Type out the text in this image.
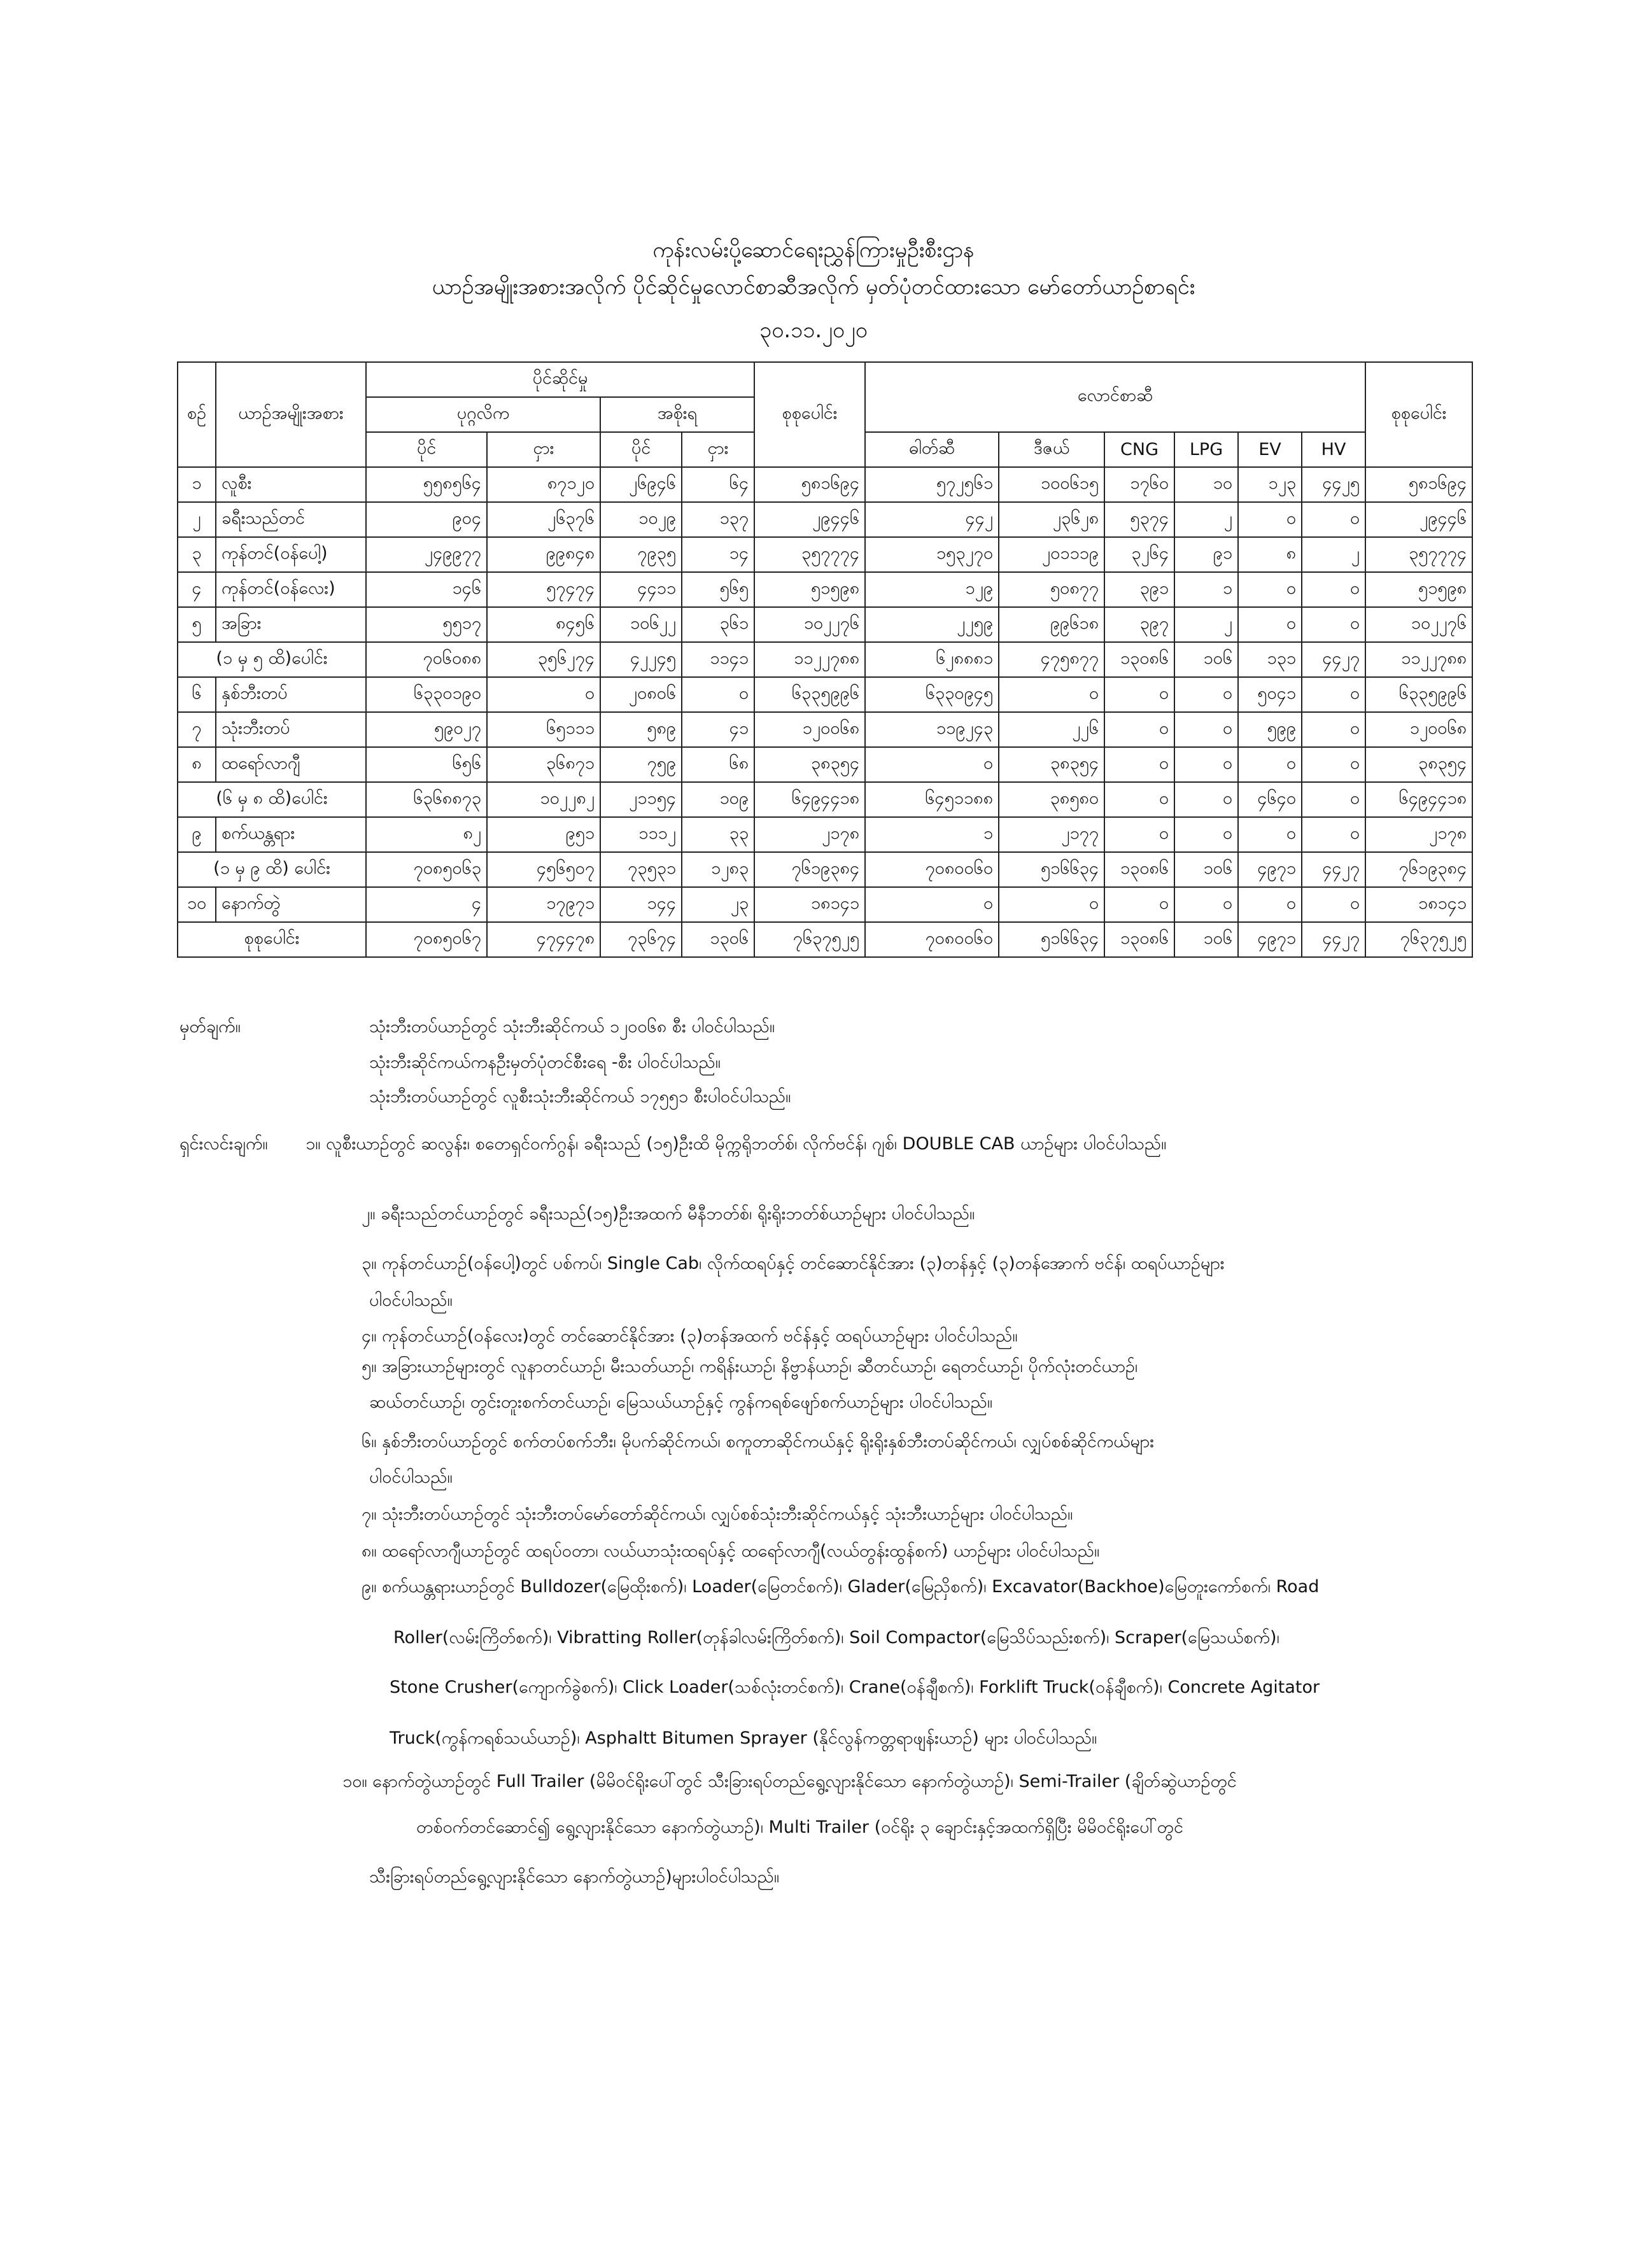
ကုန်းလမ်းပို့ဆောင်ရေးညွှန်ကြားမှုဦးစီးဌာန
ယာဉ်အမျိုးအစားအလိုက် ပိုင်ဆိုင်မှုလောင်စာဆီအလိုက် မှတ်ပုံတင်ထားသော မော်တော်ယာဉ်စာရင်း
၃၀.၁၁.၂၀၂၀
စဉ်	ယာဉ်အမျိုးအစား	ပိုင်ဆိုင်မှု				စုစုပေါင်း	လောင်စာဆီ						စုစုပေါင်း
		ပုဂ္ဂလိက		အစိုးရ									
		ပိုင်	ငှား	ပိုင်	ငှား		ဓါတ်ဆီ	ဒီဇယ်	CNG	LPG	EV	HV	
၁	လူစီး	၅၅၈၅၆၄	၈၇၁၂၀	၂၆၉၄၆	၆၄	၅၈၁၆၉၄	၅၇၂၅၆၁	၁၀၀၆၁၅	၁၇၆၀	၁၀	၁၂၃	၄၄၂၅	၅၈၁၆၉၄
၂	ခရီးသည်တင်	၉၀၄	၂၆၃၇၆	၁၀၂၉	၁၃၇	၂၉၄၄၆	၄၄၂	၂၃၆၂၈	၅၃၇၄	၂	၀	၀	၂၉၄၄၆
၃	ကုန်တင်(ဝန်ပေါ့)	၂၄၉၉၇၇	၉၉၈၄၈	၇၉၃၅	၁၄	၃၅၇၇၇၄	၁၅၃၂၇၀	၂၀၁၁၁၉	၃၂၆၄	၉၁	၈	၂	၃၅၇၇၇၄
၄	ကုန်တင်(ဝန်လေး)	၁၄၆	၅၇၄၇၄	၄၄၁၁	၅၆၅	၅၁၅၉၈	၁၂၉	၅၀၈၇၇	၃၉၁	၁	၀	၀	၅၁၅၉၈
၅	အခြား	၅၅၁၇	၈၄၅၆	၁၀၆၂၂	၃၆၁	၁၀၂၂၇၆	၂၂၅၉	၉၉၆၁၈	၃၉၇	၂	၀	၀	၁၀၂၂၇၆
(၁ မှ ၅ ထိ)ပေါင်း		၇၀၆၀၈၈	၃၅၆၂၇၄	၄၂၂၄၅	၁၁၄၁	၁၁၂၂၇၈၈	၆၂၈၈၈၁	၄၇၅၈၇၇	၁၃၀၈၆	၁၀၆	၁၃၁	၄၄၂၇	၁၁၂၂၇၈၈
၆	နှစ်ဘီးတပ်	၆၃၃၀၁၉၀	၀	၂၀၈၀၆	၀	၆၃၃၅၉၉၆	၆၃၃၀၉၄၅	၀	၀	၀	၅၀၄၁	၀	၆၃၃၅၉၉၆
၇	သုံးဘီးတပ်	၅၉၀၂၇	၆၅၁၁၁	၅၈၉	၄၁	၁၂၀၀၆၈	၁၁၉၂၄၃	၂၂၆	၀	၀	၅၉၉	၀	၁၂၀၀၆၈
၈	ထရော်လာဂျီ	၆၅၆	၃၆၈၇၁	၇၅၉	၆၈	၃၈၃၅၄	၀	၃၈၃၅၄	၀	၀	၀	၀	၃၈၃၅၄
(၆ မှ ၈ ထိ)ပေါင်း		၆၃၆၈၈၇၃	၁၀၂၂၈၂	၂၁၁၅၄	၁၀၉	၆၄၉၄၄၁၈	၆၄၅၁၁၈၈	၃၈၅၈၀	၀	၀	၄၆၄၀	၀	၆၄၉၄၄၁၈
၉	စက်ယန္တရား	၈၂	၉၅၁	၁၁၁၂	၃၃	၂၁၇၈	၁	၂၁၇၇	၀	၀	၀	၀	၂၁၇၈
(၁ မှ ၉ ထိ) ပေါင်း		၇၀၈၅၀၆၃	၄၅၆၅၀၇	၇၃၅၃၁	၁၂၈၃	၇၆၁၉၃၈၄	၇၀၈၀၀၆၀	၅၁၆၆၃၄	၁၃၀၈၆	၁၀၆	၄၉၇၁	၄၄၂၇	၇၆၁၉၃၈၄
၁၀	နောက်တွဲ	၄	၁၇၉၇၁	၁၄၄	၂၃	၁၈၁၄၁	၀	၀	၀	၀	၀	၀	၁၈၁၄၁
စုစုပေါင်း		၇၀၈၅၀၆၇	၄၇၄၄၇၈	၇၃၆၇၄	၁၃၀၆	၇၆၃၇၅၂၅	၇၀၈၀၀၆၀	၅၁၆၆၃၄	၁၃၀၈၆	၁၀၆	၄၉၇၁	၄၄၂၇	၇၆၃၇၅၂၅
မှတ်ချက်။	သုံးဘီးတပ်ယာဉ်တွင် သုံးဘီးဆိုင်ကယ် ၁၂၀၀၆၈ စီး ပါဝင်ပါသည်။
သုံးဘီးဆိုင်ကယ်ကနဦးမှတ်ပုံတင်စီးရေ -စီး ပါဝင်ပါသည်။
သုံးဘီးတပ်ယာဉ်တွင် လူစီးသုံးဘီးဆိုင်ကယ် ၁၇၅၅၁ စီးပါဝင်ပါသည်။
ရှင်းလင်းချက်။ ၁။ လူစီးယာဉ်တွင် ဆလွန်း၊ စတေရှင်ဝက်ဂွန်၊ ခရီးသည် (၁၅)ဦးထိ မိုက္ကရိုဘတ်စ်၊ လိုက်ဗင်န်၊ ဂျစ်၊ DOUBLE CAB ယာဉ်များ ပါဝင်ပါသည်။
၂။ ခရီးသည်တင်ယာဉ်တွင် ခရီးသည်(၁၅)ဦးအထက် မီနီဘတ်စ်၊ ရိုးရိုးဘတ်စ်ယာဉ်များ ပါဝင်ပါသည်။
၃။ ကုန်တင်ယာဉ်(ဝန်ပေါ့)တွင် ပစ်ကပ်၊ Single Cab၊ လိုက်ထရပ်နှင့် တင်ဆောင်နိုင်အား (၃)တန်နှင့် (၃)တန်အောက် ဗင်န်၊ ထရပ်ယာဉ်များ
ပါဝင်ပါသည်။
၄။ ကုန်တင်ယာဉ်(ဝန်လေး)တွင် တင်ဆောင်နိုင်အား (၃)တန်အထက် ဗင်န်နှင့် ထရပ်ယာဉ်များ ပါဝင်ပါသည်။
၅။ အခြားယာဉ်များတွင် လူနာတင်ယာဉ်၊ မီးသတ်ယာဉ်၊ ကရိန်းယာဉ်၊ နိဗ္ဗာန်ယာဉ်၊ ဆီတင်ယာဉ်၊ ရေတင်ယာဉ်၊ ပိုက်လုံးတင်ယာဉ်၊
ဆယ်တင်ယာဉ်၊ တွင်းတူးစက်တင်ယာဉ်၊ မြေသယ်ယာဉ်နှင့် ကွန်ကရစ်ဖျော်စက်ယာဉ်များ ပါဝင်ပါသည်။
၆။ နှစ်ဘီးတပ်ယာဉ်တွင် စက်တပ်စက်ဘီး၊ မိုပက်ဆိုင်ကယ်၊ စကူတာဆိုင်ကယ်နှင့် ရိုးရိုးနှစ်ဘီးတပ်ဆိုင်ကယ်၊ လျှပ်စစ်ဆိုင်ကယ်များ
ပါဝင်ပါသည်။
၇။ သုံးဘီးတပ်ယာဉ်တွင် သုံးဘီးတပ်မော်တော်ဆိုင်ကယ်၊ လျှပ်စစ်သုံးဘီးဆိုင်ကယ်နှင့် သုံးဘီးယာဉ်များ ပါဝင်ပါသည်။
၈။ ထရော်လာဂျီယာဉ်တွင် ထရပ်ဝတာ၊ လယ်ယာသုံးထရပ်နှင့် ထရော်လာဂျီ(လယ်တွန်းထွန်စက်) ယာဉ်များ ပါဝင်ပါသည်။
၉။ စက်ယန္တရားယာဉ်တွင် Bulldozer(မြေထိုးစက်)၊ Loader(မြေတင်စက်)၊ Glader(မြေညှိစက်)၊ Excavator(Backhoe)မြေတူးကော်စက်၊ Road
Roller(လမ်းကြိတ်စက်)၊ Vibratting Roller(တုန်ခါလမ်းကြိတ်စက်)၊ Soil Compactor(မြေသိပ်သည်းစက်)၊ Scraper(မြေသယ်စက်)၊
Stone Crusher(ကျောက်ခွဲစက်)၊ Click Loader(သစ်လုံးတင်စက်)၊ Crane(ဝန်ချီစက်)၊ Forklift Truck(ဝန်ချီစက်)၊ Concrete Agitator
Truck(ကွန်ကရစ်သယ်ယာဉ်)၊ Asphaltt Bitumen Sprayer (နိုင်လွန်ကတ္တရာဖျန်းယာဉ်) များ ပါဝင်ပါသည်။
၁၀။ နောက်တွဲယာဉ်တွင် Full Trailer (မိမိဝင်ရိုးပေါ်တွင် သီးခြားရပ်တည်ရွေ့လျားနိုင်သော နောက်တွဲယာဉ်)၊ Semi-Trailer (ချိတ်ဆွဲယာဉ်တွင်
တစ်ဝက်တင်ဆောင်၍ ရွေ့လျားနိုင်သော နောက်တွဲယာဉ်)၊ Multi Trailer (ဝင်ရိုး ၃ ချောင်းနှင့်အထက်ရှိပြီး မိမိဝင်ရိုးပေါ်တွင်
သီးခြားရပ်တည်ရွေ့လျားနိုင်သော နောက်တွဲယာဉ်)များပါဝင်ပါသည်။
